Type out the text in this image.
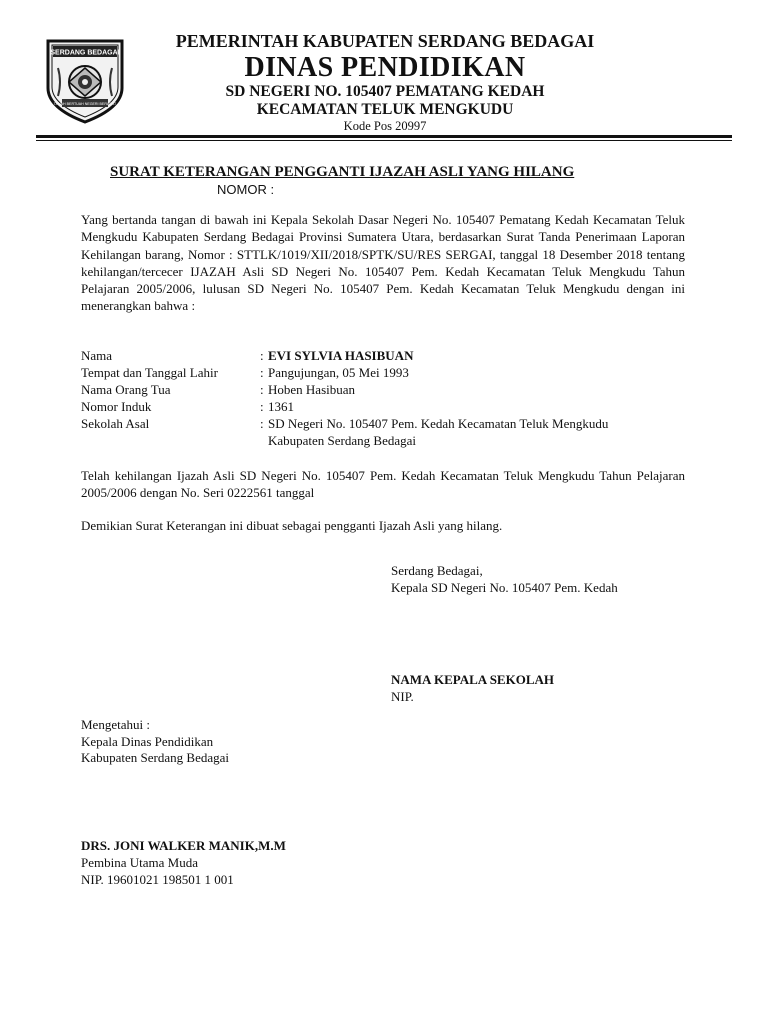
SERDANG BEDAGAI
TANAH BERTUAH NEGERI BERADAT
PEMERINTAH KABUPATEN SERDANG BEDAGAI
DINAS PENDIDIKAN
SD NEGERI NO. 105407 PEMATANG KEDAH
KECAMATAN TELUK MENGKUDU
Kode Pos 20997
SURAT KETERANGAN PENGGANTI IJAZAH ASLI YANG HILANG
NOMOR :
Yang bertanda tangan di bawah ini Kepala Sekolah Dasar Negeri No. 105407 Pematang Kedah Kecamatan Teluk Mengkudu Kabupaten Serdang Bedagai Provinsi Sumatera Utara, berdasarkan Surat Tanda Penerimaan Laporan Kehilangan barang, Nomor : STTLK/1019/XII/2018/SPTK/SU/RES SERGAI, tanggal 18 Desember 2018 tentang kehilangan/tercecer IJAZAH Asli SD Negeri No. 105407 Pem. Kedah Kecamatan Teluk Mengkudu Tahun Pelajaran 2005/2006, lulusan SD Negeri No. 105407 Pem. Kedah Kecamatan Teluk Mengkudu dengan ini menerangkan bahwa :
Nama	: EVI SYLVIA HASIBUAN
Tempat dan Tanggal Lahir	: Pangujungan, 05 Mei 1993
Nama Orang Tua	: Hoben Hasibuan
Nomor Induk	: 1361
Sekolah Asal	: SD Negeri No. 105407 Pem. Kedah Kecamatan Teluk Mengkudu
Kabupaten Serdang Bedagai
Telah kehilangan Ijazah Asli SD Negeri No. 105407 Pem. Kedah Kecamatan Teluk Mengkudu Tahun Pelajaran 2005/2006 dengan No. Seri 0222561 tanggal
Demikian Surat Keterangan ini dibuat sebagai pengganti Ijazah Asli yang hilang.
Serdang Bedagai,
Kepala SD Negeri No. 105407 Pem. Kedah
NAMA KEPALA SEKOLAH
NIP.
Mengetahui :
Kepala Dinas Pendidikan
Kabupaten Serdang Bedagai
DRS. JONI WALKER MANIK,M.M
Pembina Utama Muda
NIP. 19601021 198501 1 001
